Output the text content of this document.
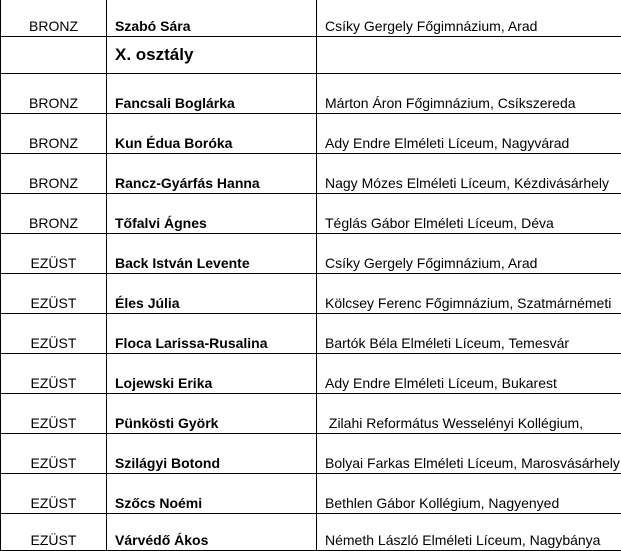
BRONZ	Szabó Sára	Csíky Gergely Főgimnázium, Arad
	X. osztály	
BRONZ	Fancsali Boglárka	Márton Áron Főgimnázium, Csíkszereda
BRONZ	Kun Édua Boróka	Ady Endre Elméleti Líceum, Nagyvárad
BRONZ	Rancz-Gyárfás Hanna	Nagy Mózes Elméleti Líceum, Kézdivásárhely
BRONZ	Tőfalvi Ágnes	Téglás Gábor Elméleti Líceum, Déva
EZÜST	Back István Levente	Csíky Gergely Főgimnázium, Arad
EZÜST	Éles Júlia	Kölcsey Ferenc Főgimnázium, Szatmárnémeti
EZÜST	Floca Larissa-Rusalina	Bartók Béla Elméleti Líceum, Temesvár
EZÜST	Lojewski Erika	Ady Endre Elméleti Líceum, Bukarest
EZÜST	Pünkösti Györk	Zilahi Református Wesselényi Kollégium,
EZÜST	Szilágyi Botond	Bolyai Farkas Elméleti Líceum, Marosvásárhely
EZÜST	Szőcs Noémi	Bethlen Gábor Kollégium, Nagyenyed
EZÜST	Várvédő Ákos	Németh László Elméleti Líceum, Nagybánya
